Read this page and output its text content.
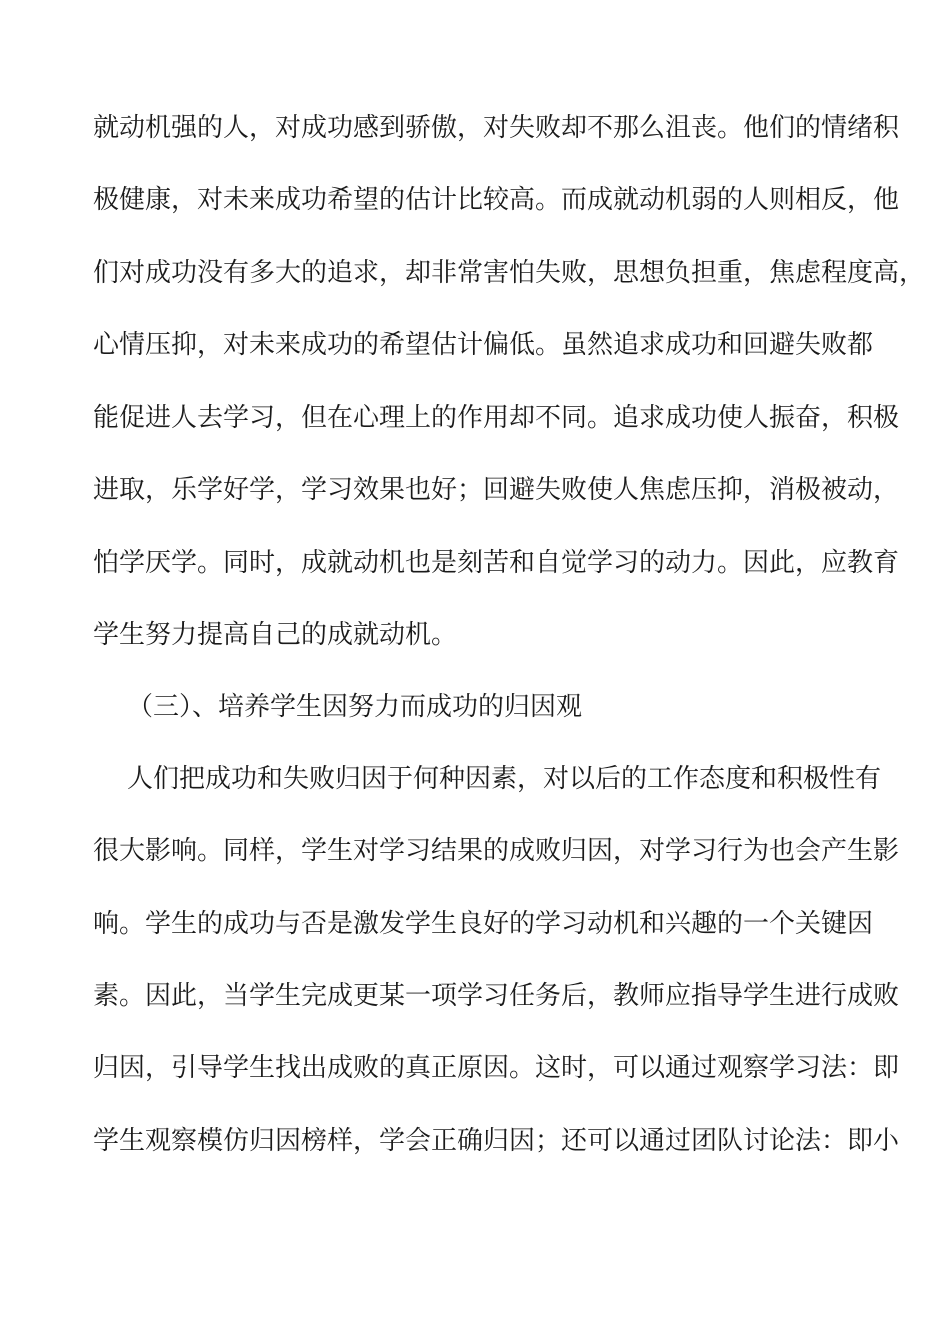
就动机强的人，对成功感到骄傲，对失败却不那么沮丧。他们的情绪积
极健康，对未来成功希望的估计比较高。而成就动机弱的人则相反，他
们对成功没有多大的追求，却非常害怕失败，思想负担重，焦虑程度高，
心情压抑，对未来成功的希望估计偏低。虽然追求成功和回避失败都
能促进人去学习，但在心理上的作用却不同。追求成功使人振奋，积极
进取，乐学好学，学习效果也好；回避失败使人焦虑压抑，消极被动，
怕学厌学。同时，成就动机也是刻苦和自觉学习的动力。因此，应教育
学生努力提高自己的成就动机。
（三）、培养学生因努力而成功的归因观
人们把成功和失败归因于何种因素，对以后的工作态度和积极性有
很大影响。同样，学生对学习结果的成败归因，对学习行为也会产生影
响。学生的成功与否是激发学生良好的学习动机和兴趣的一个关键因
素。因此，当学生完成更某一项学习任务后，教师应指导学生进行成败
归因，引导学生找出成败的真正原因。这时，可以通过观察学习法：即
学生观察模仿归因榜样，学会正确归因；还可以通过团队讨论法：即小
